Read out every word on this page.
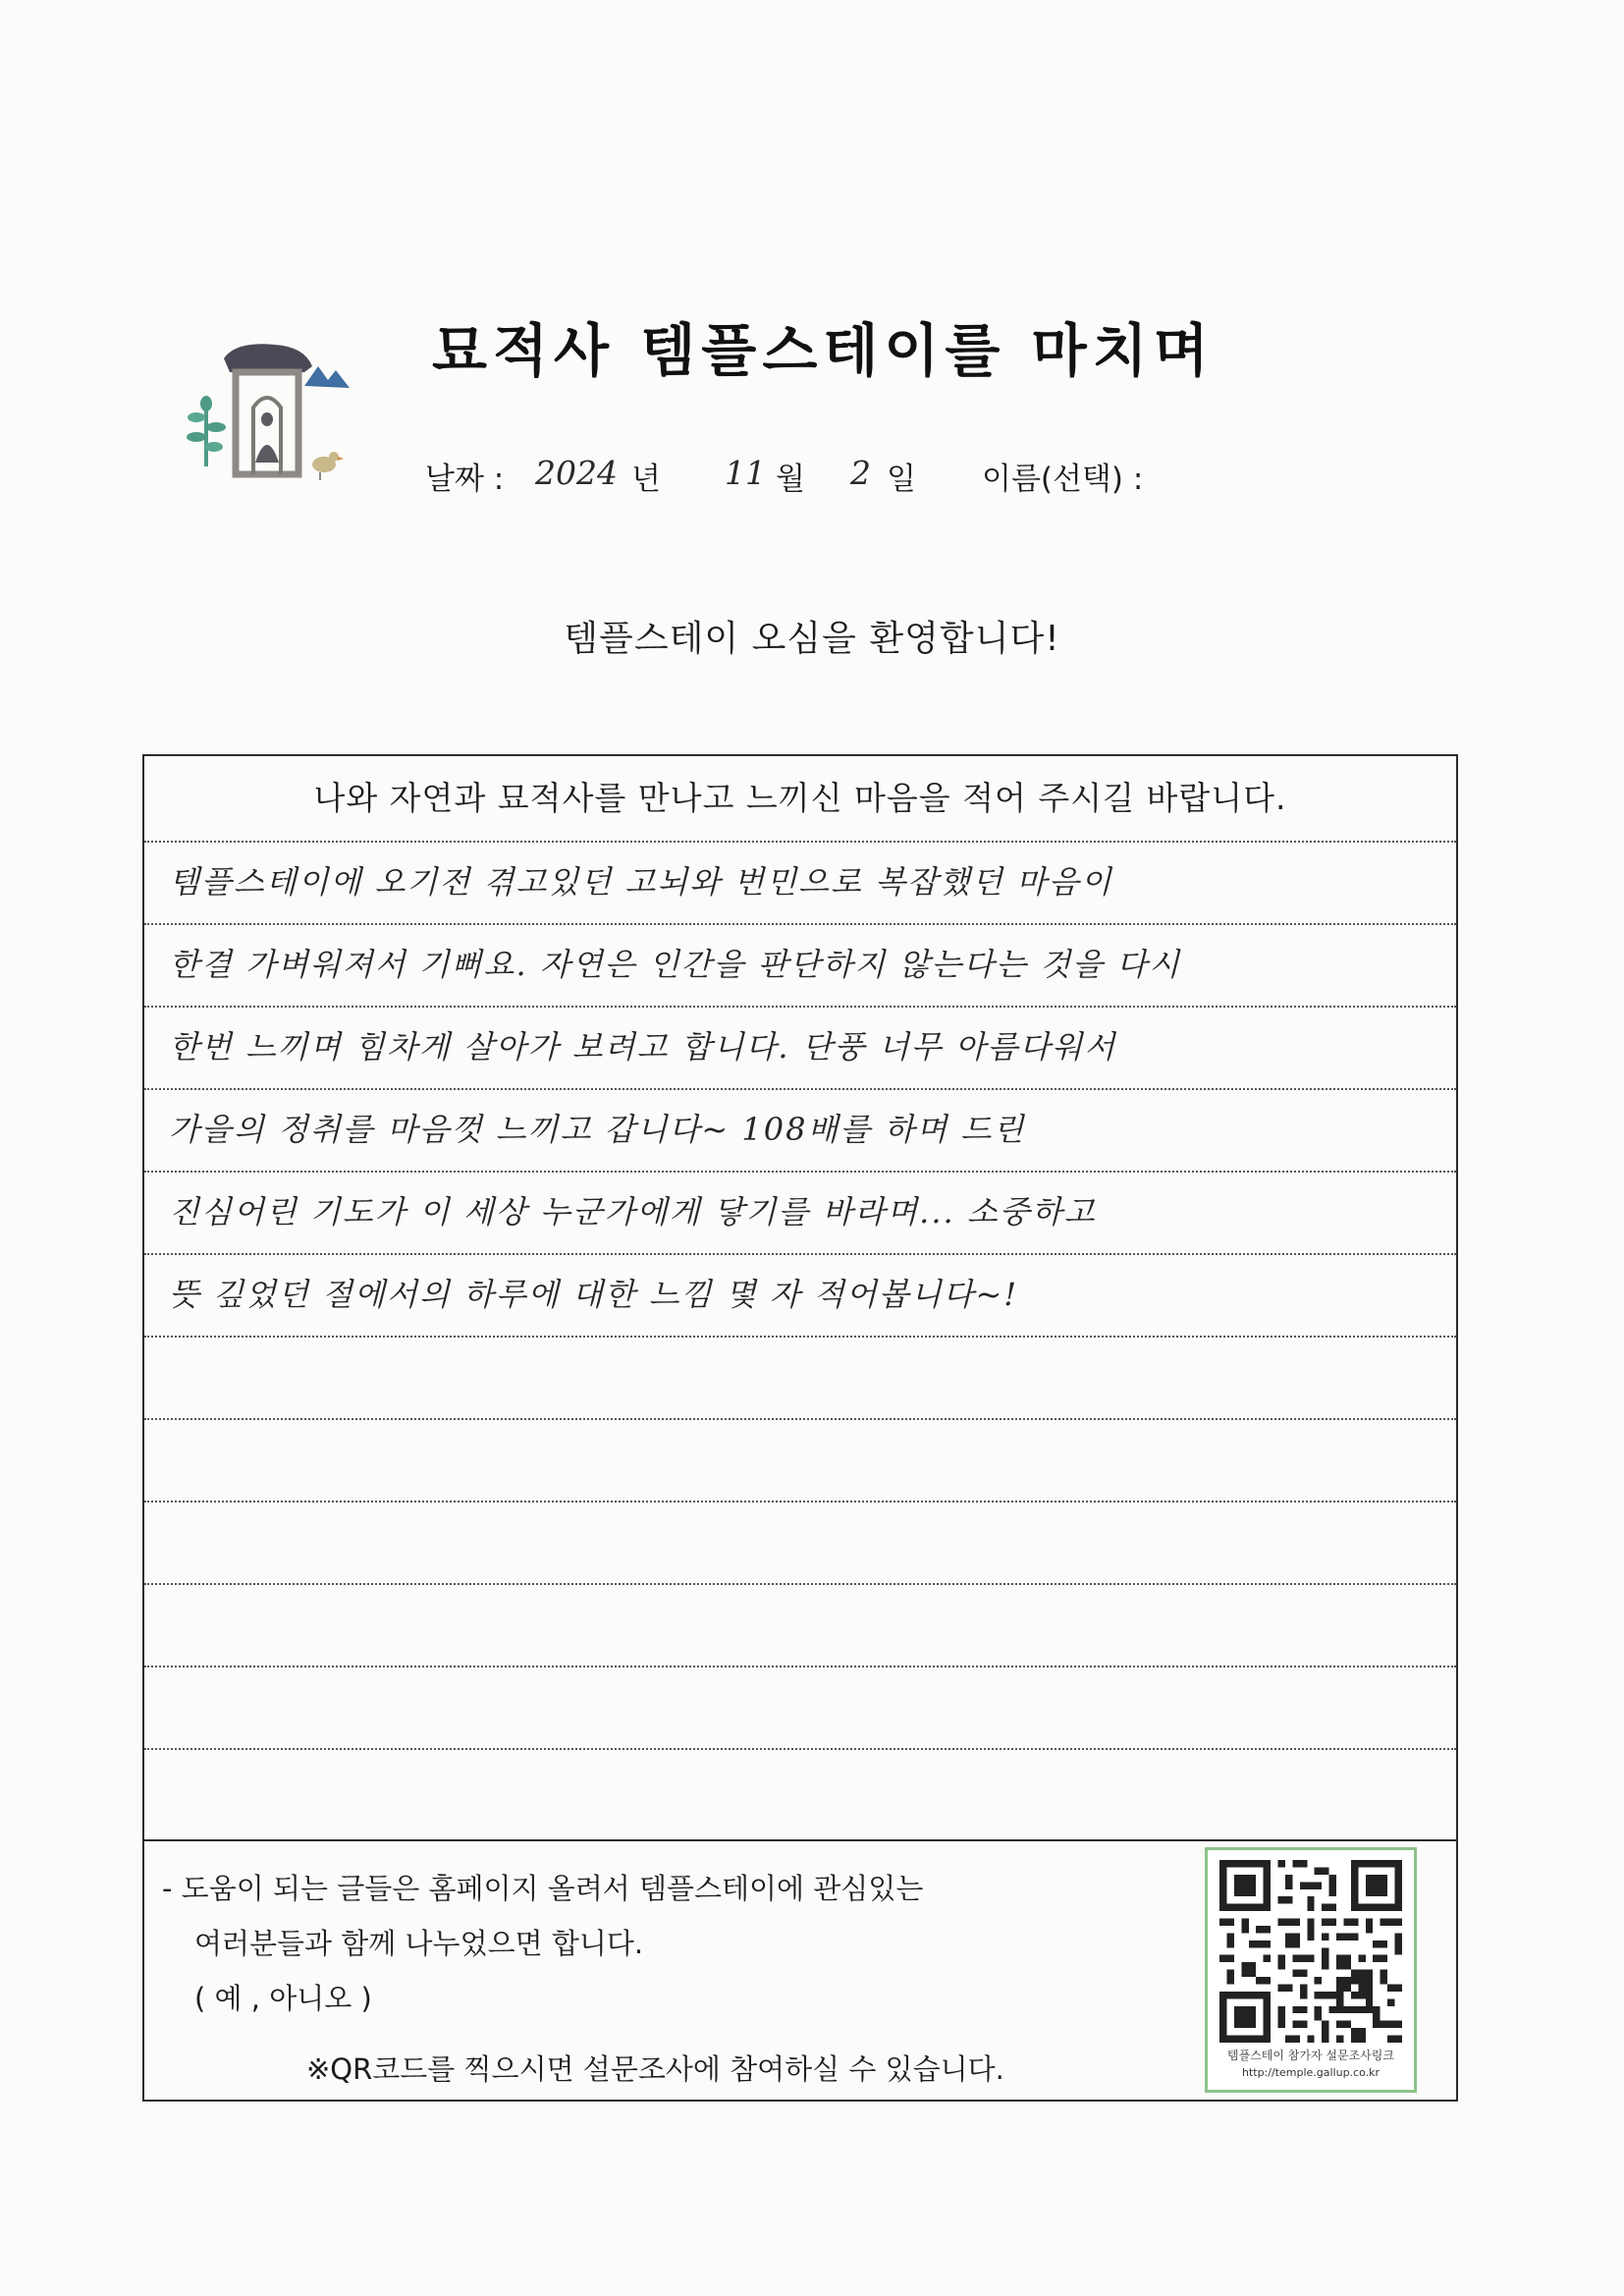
묘적사 템플스테이를 마치며
날짜 : 2024 년 11 월 2 일 이름(선택) :
템플스테이 오심을 환영합니다!
나와 자연과 묘적사를 만나고 느끼신 마음을 적어 주시길 바랍니다.
템플스테이에 오기전 겪고있던 고뇌와 번민으로 복잡했던 마음이
한결 가벼워져서 기뻐요. 자연은 인간을 판단하지 않는다는 것을 다시
한번 느끼며 힘차게 살아가 보려고 합니다. 단풍 너무 아름다워서
가을의 정취를 마음껏 느끼고 갑니다~ 108배를 하며 드린
진심어린 기도가 이 세상 누군가에게 닿기를 바라며... 소중하고
뜻 깊었던 절에서의 하루에 대한 느낌 몇 자 적어봅니다~!
- 도움이 되는 글들은 홈페이지 올려서 템플스테이에 관심있는
여러분들과 함께 나누었으면 합니다.
( 예 , 아니오 )
※QR코드를 찍으시면 설문조사에 참여하실 수 있습니다.	템플스테이 참가자 설문조사링크
http://temple.gallup.co.kr
